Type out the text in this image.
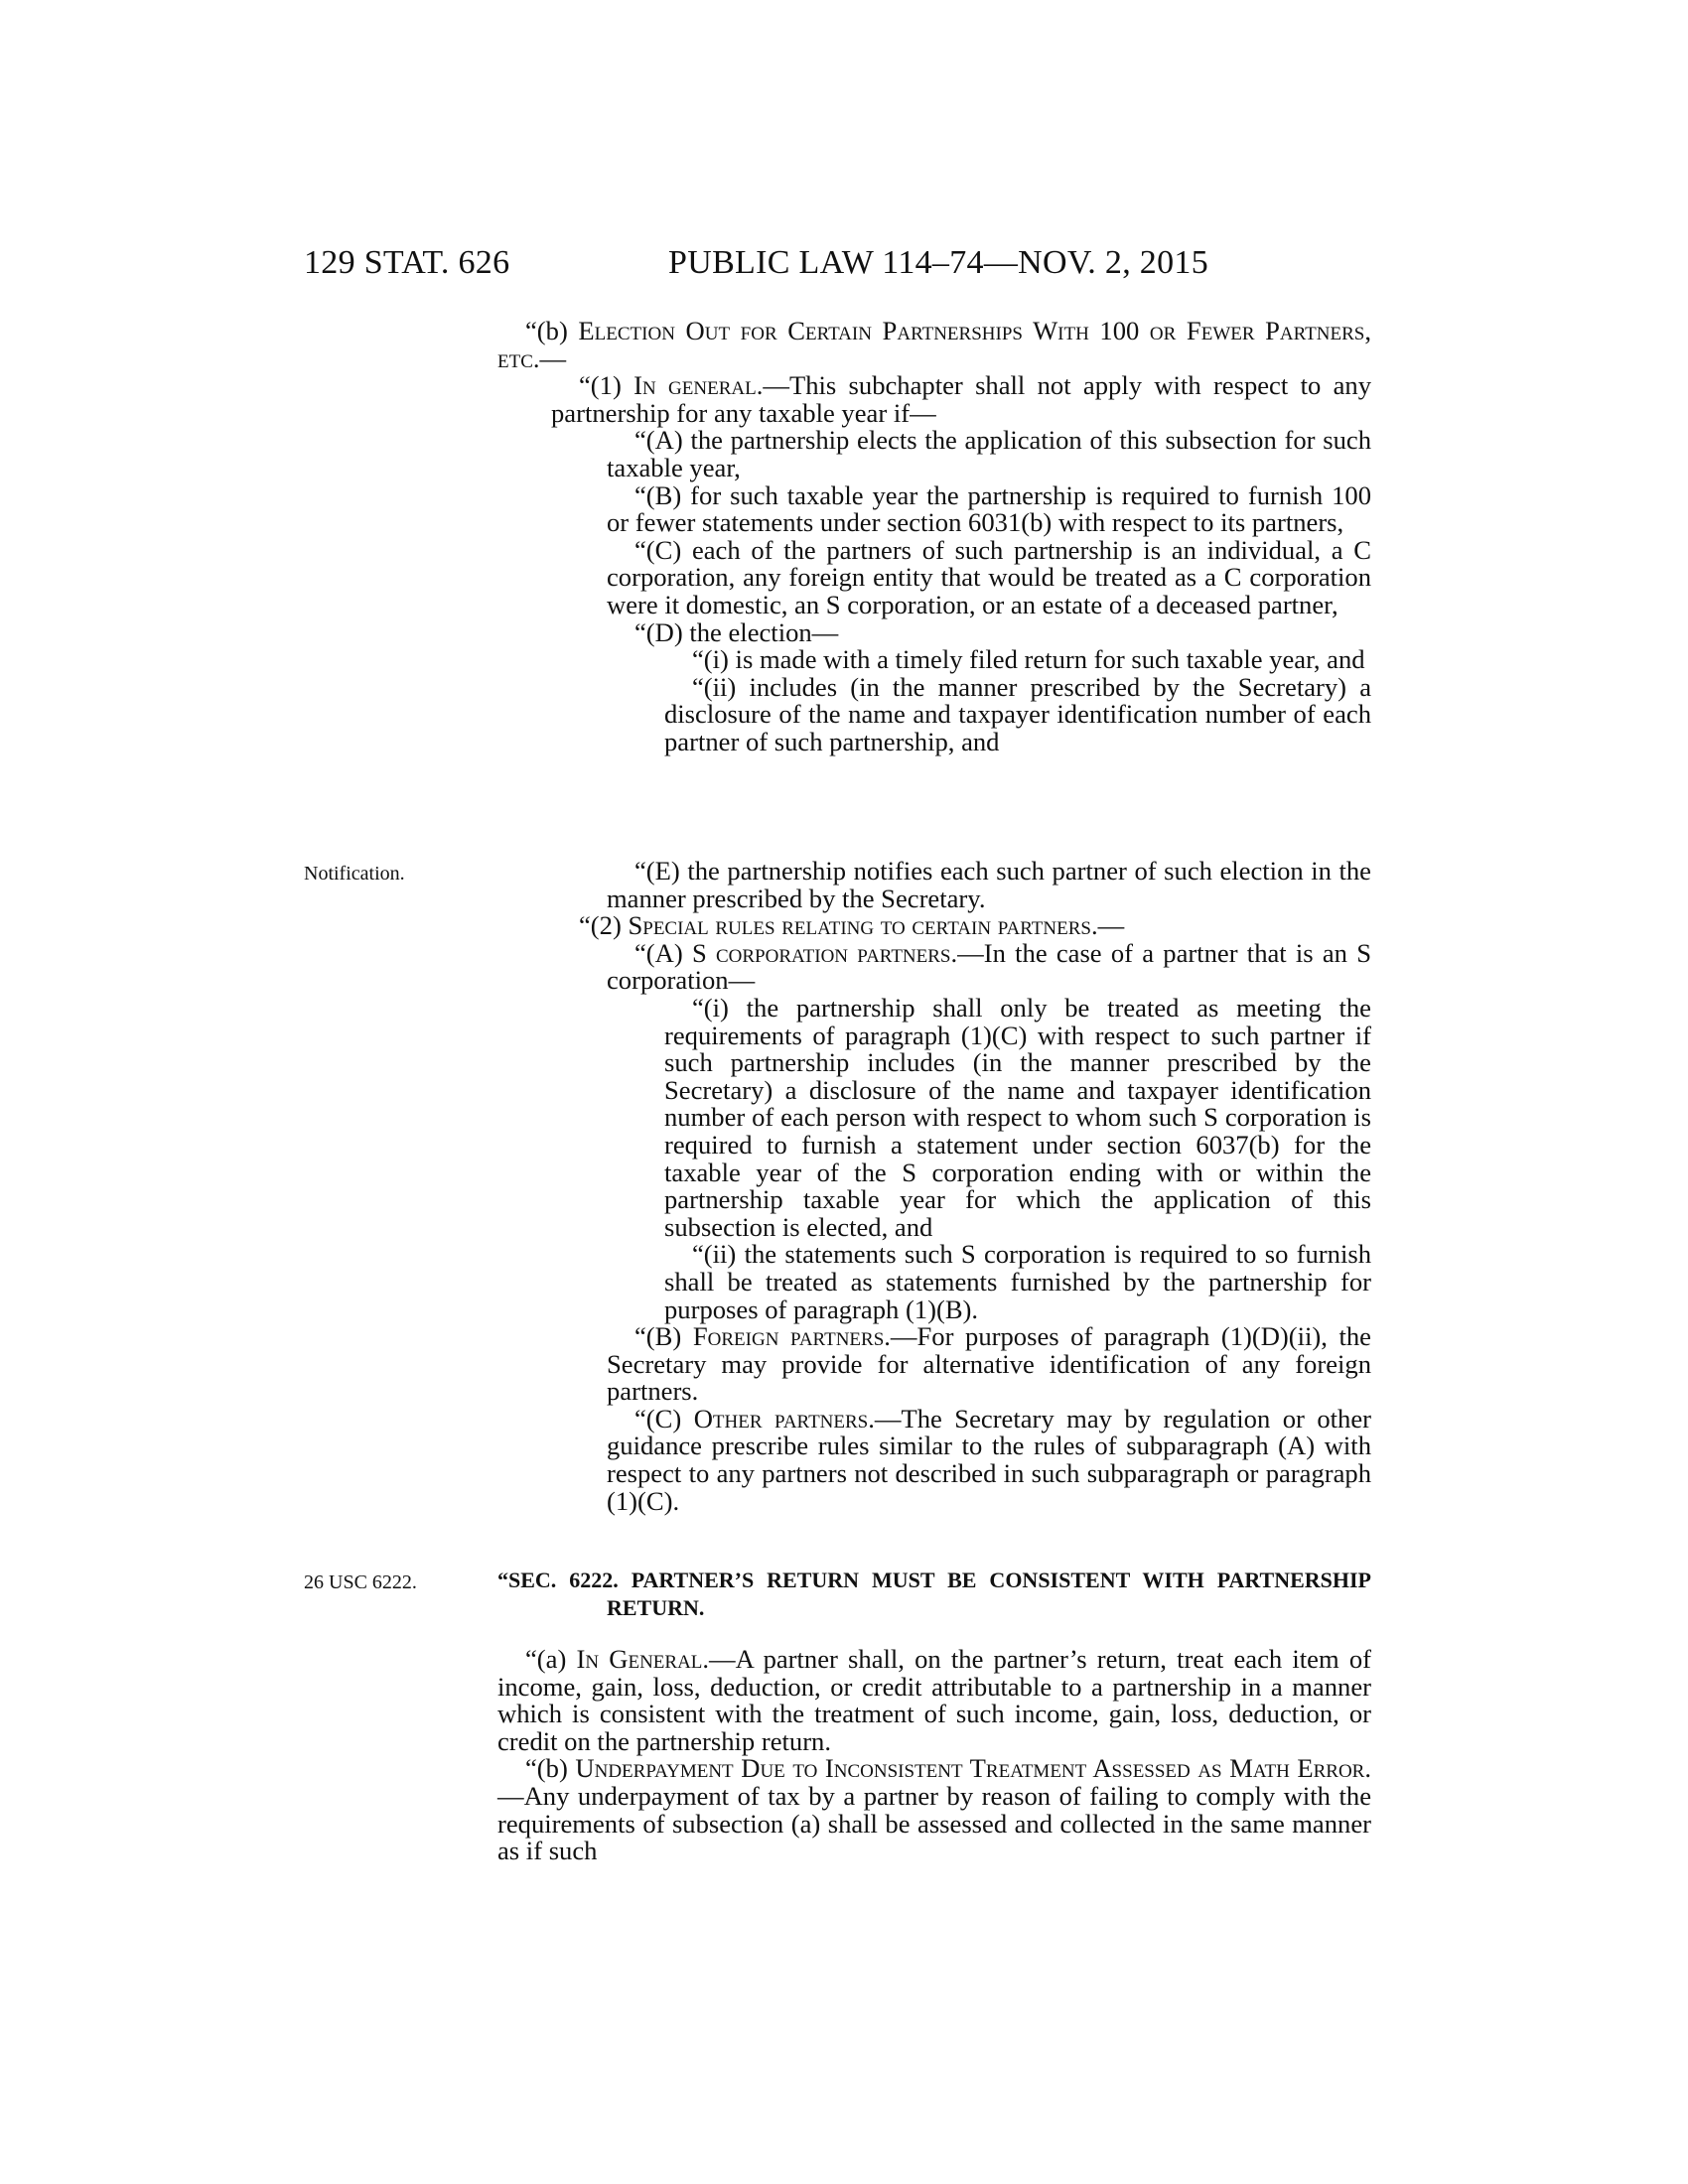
129 STAT. 626	PUBLIC LAW 114–74—NOV. 2, 2015
Notification.
26 USC 6222.

“(b) Election Out for Certain Partnerships With 100 or Fewer Partners, etc.—

“(1) In general.—This subchapter shall not apply with respect to any partnership for any taxable year if—

“(A) the partnership elects the application of this subsection for such taxable year,

“(B) for such taxable year the partnership is required to furnish 100 or fewer statements under section 6031(b) with respect to its partners,

“(C) each of the partners of such partnership is an individual, a C corporation, any foreign entity that would be treated as a C corporation were it domestic, an S corporation, or an estate of a deceased partner,

“(D) the election—

“(i) is made with a timely filed return for such taxable year, and

“(ii) includes (in the manner prescribed by the Secretary) a disclosure of the name and taxpayer identification number of each partner of such partnership, and

“(E) the partnership notifies each such partner of such election in the manner prescribed by the Secretary.

“(2) Special rules relating to certain partners.—

“(A) S corporation partners.—In the case of a partner that is an S corporation—

“(i) the partnership shall only be treated as meeting the requirements of paragraph (1)(C) with respect to such partner if such partnership includes (in the manner prescribed by the Secretary) a disclosure of the name and taxpayer identification number of each person with respect to whom such S corporation is required to furnish a statement under section 6037(b) for the taxable year of the S corporation ending with or within the partnership taxable year for which the application of this subsection is elected, and

“(ii) the statements such S corporation is required to so furnish shall be treated as statements furnished by the partnership for purposes of paragraph (1)(B).

“(B) Foreign partners.—For purposes of paragraph (1)(D)(ii), the Secretary may provide for alternative identification of any foreign partners.

“(C) Other partners.—The Secretary may by regulation or other guidance prescribe rules similar to the rules of subparagraph (A) with respect to any partners not described in such subparagraph or paragraph (1)(C).

“SEC. 6222. PARTNER’S RETURN MUST BE CONSISTENT WITH PARTNERSHIP RETURN.

“(a) In General.—A partner shall, on the partner’s return, treat each item of income, gain, loss, deduction, or credit attributable to a partnership in a manner which is consistent with the treatment of such income, gain, loss, deduction, or credit on the partnership return.

“(b) Underpayment Due to Inconsistent Treatment Assessed as Math Error.—Any underpayment of tax by a partner by reason of failing to comply with the requirements of subsection (a) shall be assessed and collected in the same manner as if such
